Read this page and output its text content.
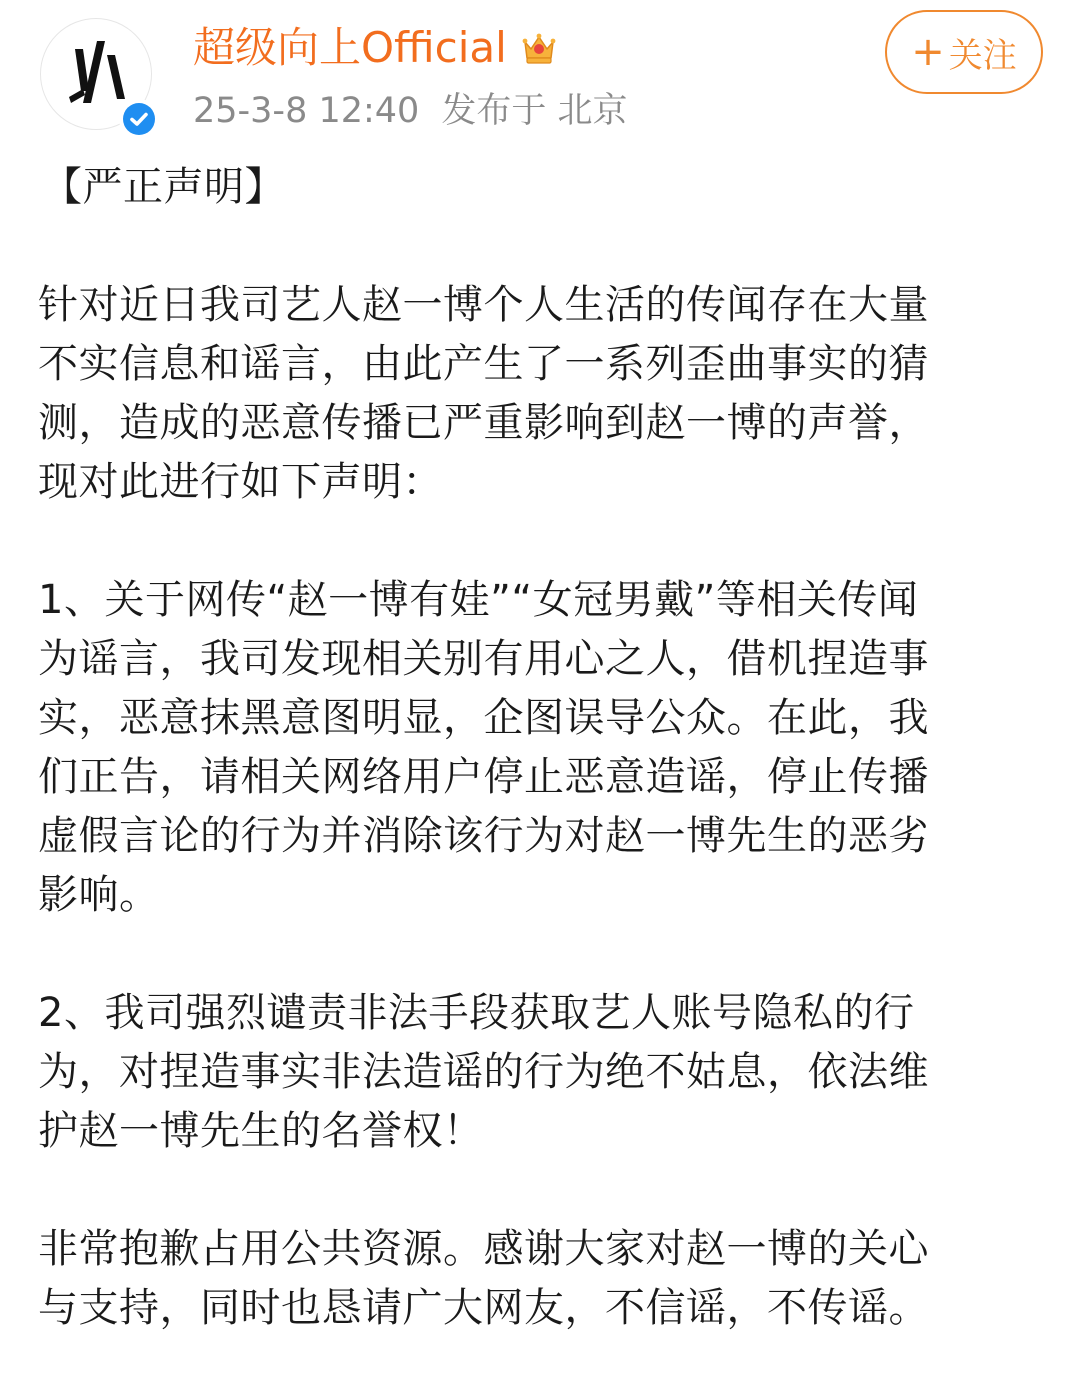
超级向上Official
25-3-8 12:40 发布于 北京
+ 关注
【严正声明】
针对近日我司艺人赵一博个人生活的传闻存在大量
不实信息和谣言，由此产生了一系列歪曲事实的猜
测，造成的恶意传播已严重影响到赵一博的声誉，
现对此进行如下声明：
1、关于网传“赵一博有娃”“女冠男戴”等相关传闻
为谣言，我司发现相关别有用心之人，借机捏造事
实，恶意抹黑意图明显，企图误导公众。在此，我
们正告，请相关网络用户停止恶意造谣，停止传播
虚假言论的行为并消除该行为对赵一博先生的恶劣
影响。
2、我司强烈谴责非法手段获取艺人账号隐私的行
为，对捏造事实非法造谣的行为绝不姑息，依法维
护赵一博先生的名誉权！
非常抱歉占用公共资源。感谢大家对赵一博的关心
与支持，同时也恳请广大网友，不信谣，不传谣。
